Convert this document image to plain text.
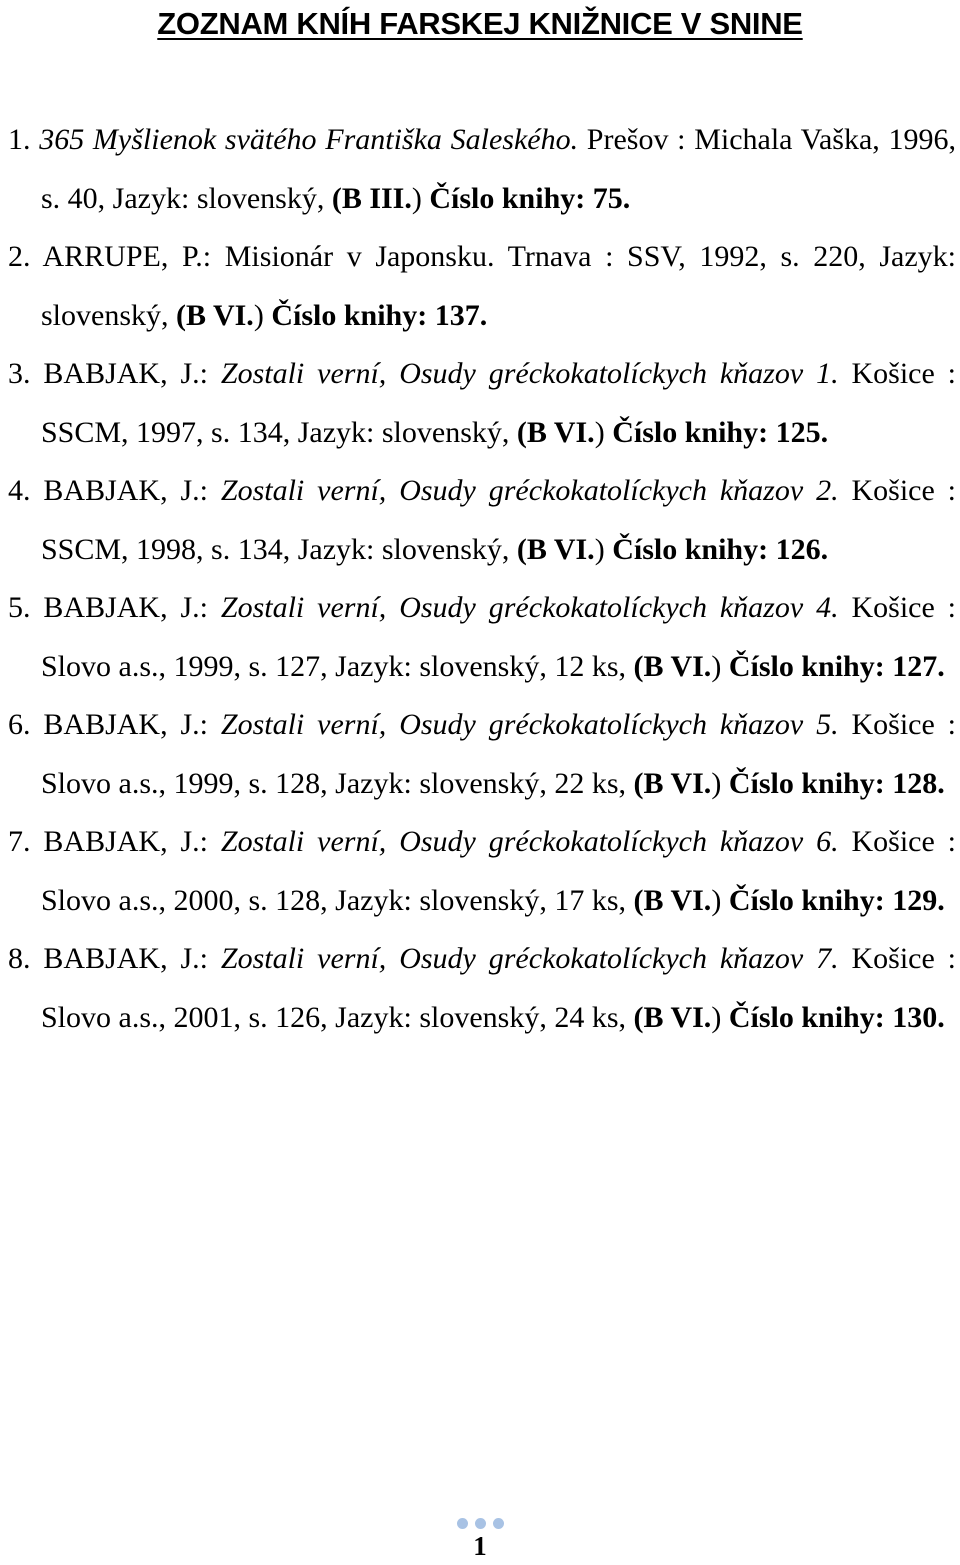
ZOZNAM KNÍH FARSKEJ KNIŽNICE V SNINE
1. 365 Myšlienok svätého Františka Saleského. Prešov : Michala Vaška, 1996, s. 40, Jazyk: slovenský, (B III.) Číslo knihy: 75.
2. ARRUPE, P.: Misionár v Japonsku. Trnava : SSV, 1992, s. 220, Jazyk: slovenský, (B VI.) Číslo knihy: 137.
3. BABJAK, J.: Zostali verní, Osudy gréckokatolíckych kňazov 1. Košice : SSCM, 1997, s. 134, Jazyk: slovenský, (B VI.) Číslo knihy: 125.
4. BABJAK, J.: Zostali verní, Osudy gréckokatolíckych kňazov 2. Košice : SSCM, 1998, s. 134, Jazyk: slovenský, (B VI.) Číslo knihy: 126.
5. BABJAK, J.: Zostali verní, Osudy gréckokatolíckych kňazov 4. Košice : Slovo a.s., 1999, s. 127, Jazyk: slovenský, 12 ks, (B VI.) Číslo knihy: 127.
6. BABJAK, J.: Zostali verní, Osudy gréckokatolíckych kňazov 5. Košice : Slovo a.s., 1999, s. 128, Jazyk: slovenský, 22 ks, (B VI.) Číslo knihy: 128.
7. BABJAK, J.: Zostali verní, Osudy gréckokatolíckych kňazov 6. Košice : Slovo a.s., 2000, s. 128, Jazyk: slovenský, 17 ks, (B VI.) Číslo knihy: 129.
8. BABJAK, J.: Zostali verní, Osudy gréckokatolíckych kňazov 7. Košice : Slovo a.s., 2001, s. 126, Jazyk: slovenský, 24 ks, (B VI.) Číslo knihy: 130.
1
